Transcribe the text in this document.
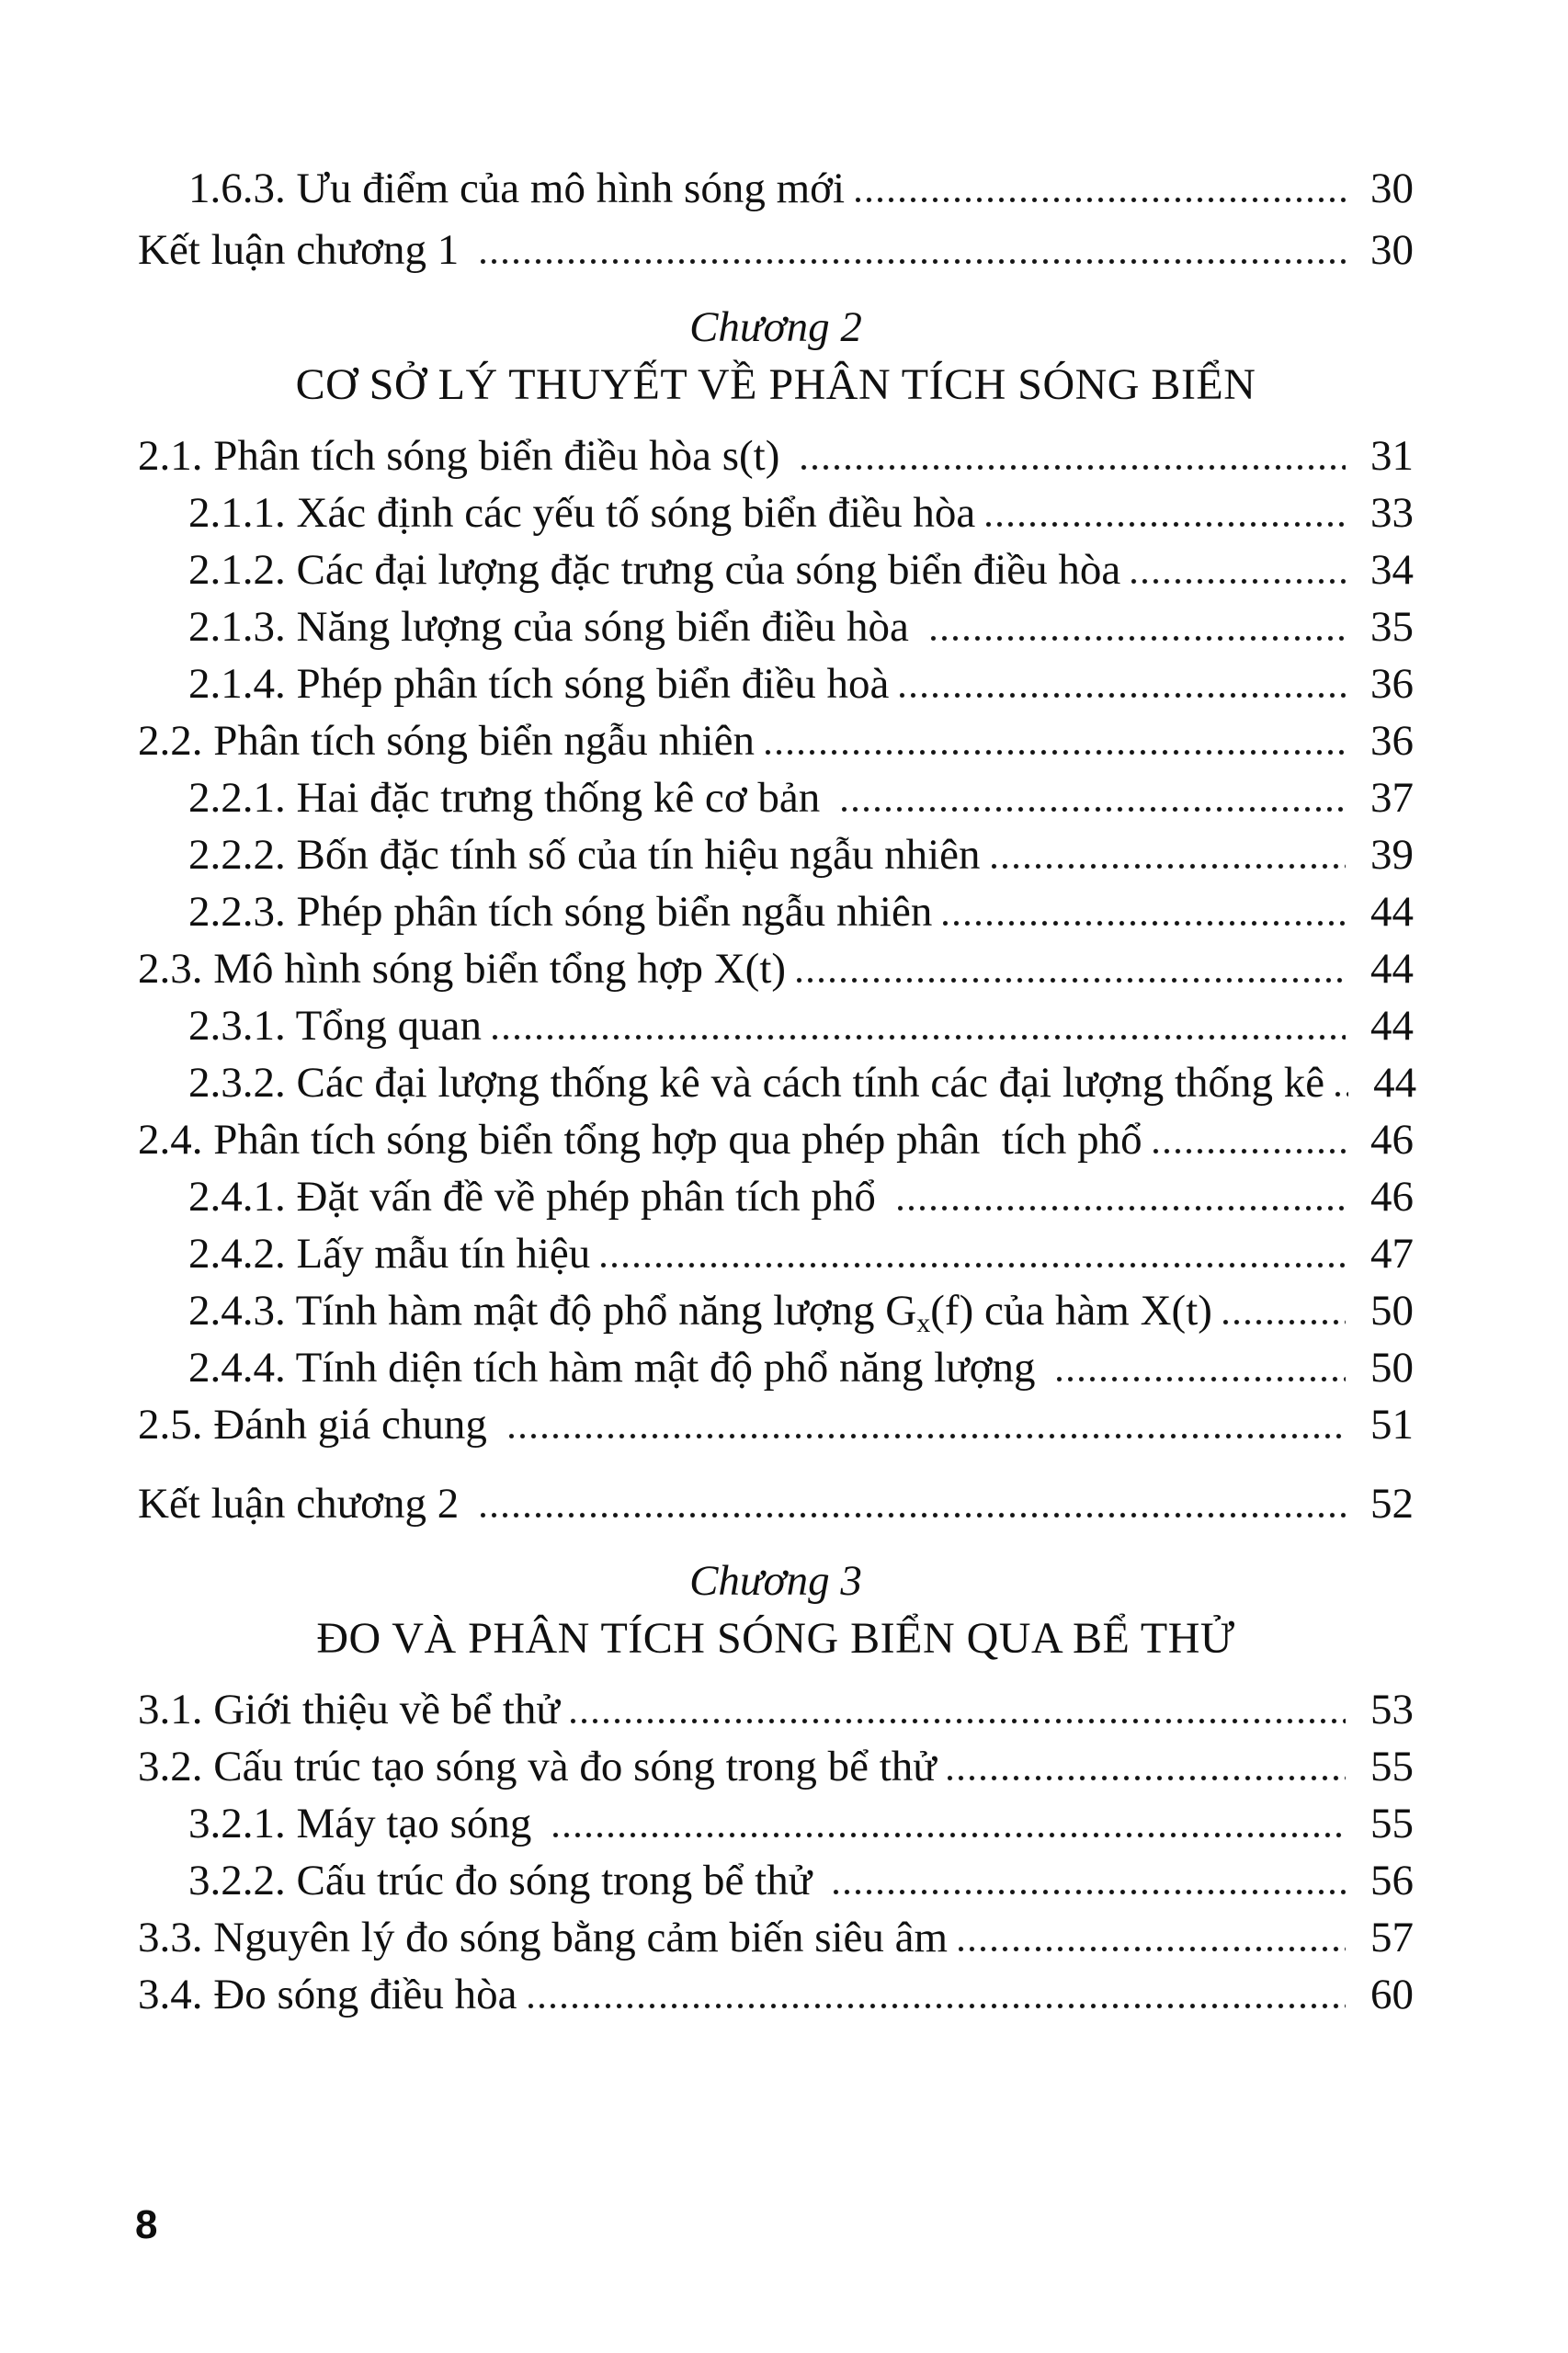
1.6.3. Ưu điểm của mô hình sóng mới	30
Kết luận chương 1	30
Chương 2
CƠ SỞ LÝ THUYẾT VỀ PHÂN TÍCH SÓNG BIỂN
2.1. Phân tích sóng biển điều hòa s(t)	31
2.1.1. Xác định các yếu tố sóng biển điều hòa	33
2.1.2. Các đại lượng đặc trưng của sóng biển điều hòa	34
2.1.3. Năng lượng của sóng biển điều hòa	35
2.1.4. Phép phân tích sóng biển điều hoà	36
2.2. Phân tích sóng biển ngẫu nhiên	36
2.2.1. Hai đặc trưng thống kê cơ bản	37
2.2.2. Bốn đặc tính số của tín hiệu ngẫu nhiên	39
2.2.3. Phép phân tích sóng biển ngẫu nhiên	44
2.3. Mô hình sóng biển tổng hợp X(t)	44
2.3.1. Tổng quan	44
2.3.2. Các đại lượng thống kê và cách tính các đại lượng thống kê	44
2.4. Phân tích sóng biển tổng hợp qua phép phân  tích phổ	46
2.4.1. Đặt vấn đề về phép phân tích phổ	46
2.4.2. Lấy mẫu tín hiệu	47
2.4.3. Tính hàm mật độ phổ năng lượng $G_x(f)$ của hàm X(t)	50
2.4.4. Tính diện tích hàm mật độ phổ năng lượng	50
2.5. Đánh giá chung	51
Kết luận chương 2	52
Chương 3
ĐO VÀ PHÂN TÍCH SÓNG BIỂN QUA BỂ THỬ
3.1. Giới thiệu về bể thử	53
3.2. Cấu trúc tạo sóng và đo sóng trong bể thử	55
3.2.1. Máy tạo sóng	55
3.2.2. Cấu trúc đo sóng trong bể thử	56
3.3. Nguyên lý đo sóng bằng cảm biến siêu âm	57
3.4. Đo sóng điều hòa	60
8
